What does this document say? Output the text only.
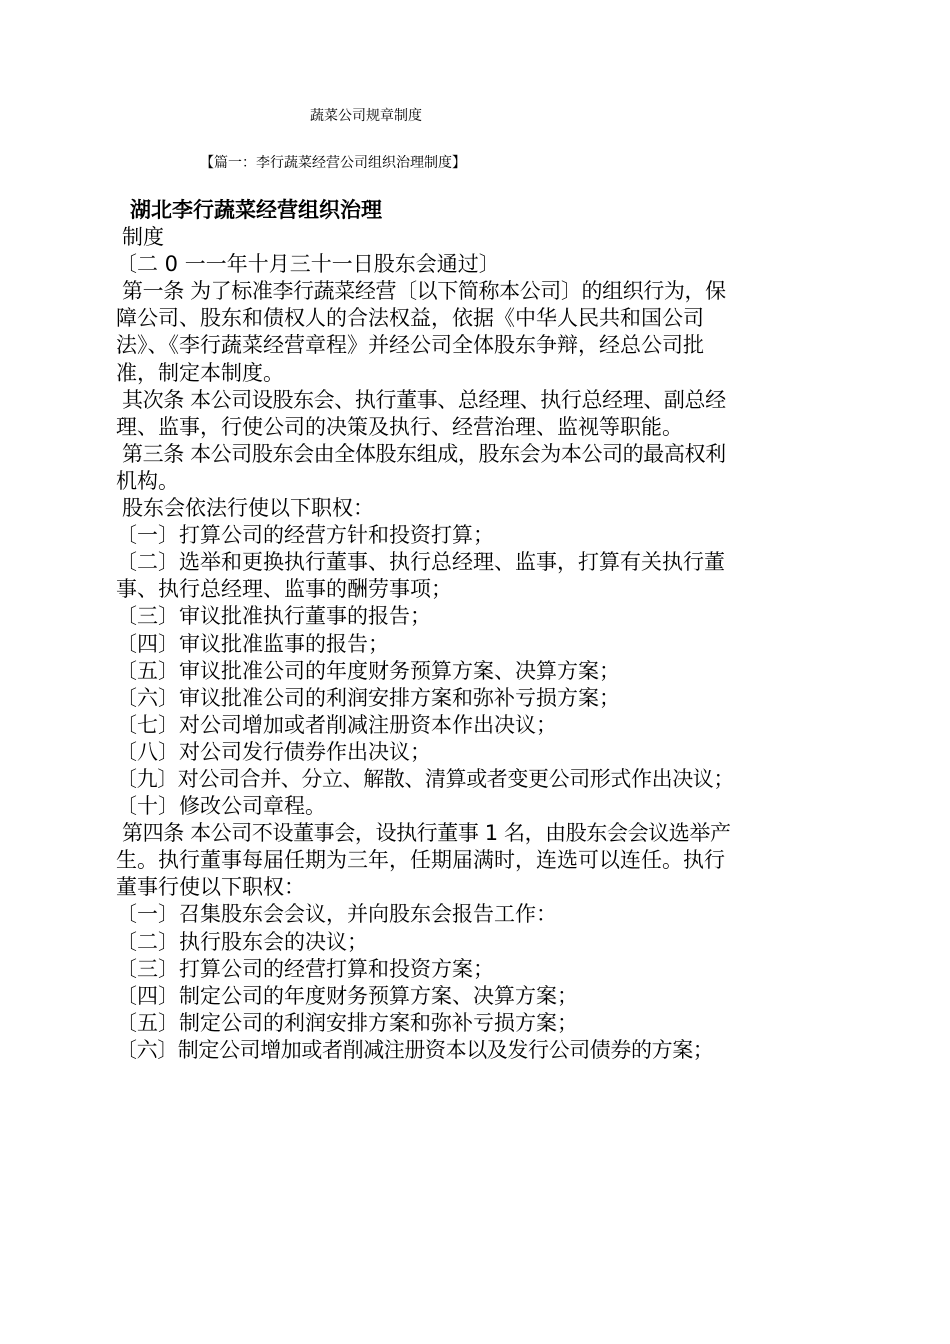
蔬菜公司规章制度
【篇一：李行蔬菜经营公司组织治理制度】
湖北李行蔬菜经营组织治理
制度
〔二 0 一一年十月三十一日股东会通过〕
第一条 为了标准李行蔬菜经营〔以下简称本公司〕的组织行为，保
障公司、股东和债权人的合法权益，依据《中华人民共和国公司
法》、《李行蔬菜经营章程》并经公司全体股东争辩，经总公司批
准，制定本制度。
其次条 本公司设股东会、执行董事、总经理、执行总经理、副总经
理、监事，行使公司的决策及执行、经营治理、监视等职能。
第三条 本公司股东会由全体股东组成，股东会为本公司的最高权利
机构。
股东会依法行使以下职权：
〔一〕打算公司的经营方针和投资打算；
〔二〕选举和更换执行董事、执行总经理、监事，打算有关执行董
事、执行总经理、监事的酬劳事项；
〔三〕审议批准执行董事的报告；
〔四〕审议批准监事的报告；
〔五〕审议批准公司的年度财务预算方案、决算方案；
〔六〕审议批准公司的利润安排方案和弥补亏损方案；
〔七〕对公司增加或者削减注册资本作出决议；
〔八〕对公司发行债券作出决议；
〔九〕对公司合并、分立、解散、清算或者变更公司形式作出决议；
〔十〕修改公司章程。
第四条 本公司不设董事会，设执行董事 1 名，由股东会会议选举产
生。执行董事每届任期为三年，任期届满时，连选可以连任。执行
董事行使以下职权：
〔一〕召集股东会会议，并向股东会报告工作：
〔二〕执行股东会的决议；
〔三〕打算公司的经营打算和投资方案；
〔四〕制定公司的年度财务预算方案、决算方案；
〔五〕制定公司的利润安排方案和弥补亏损方案；
〔六〕制定公司增加或者削减注册资本以及发行公司债券的方案；
